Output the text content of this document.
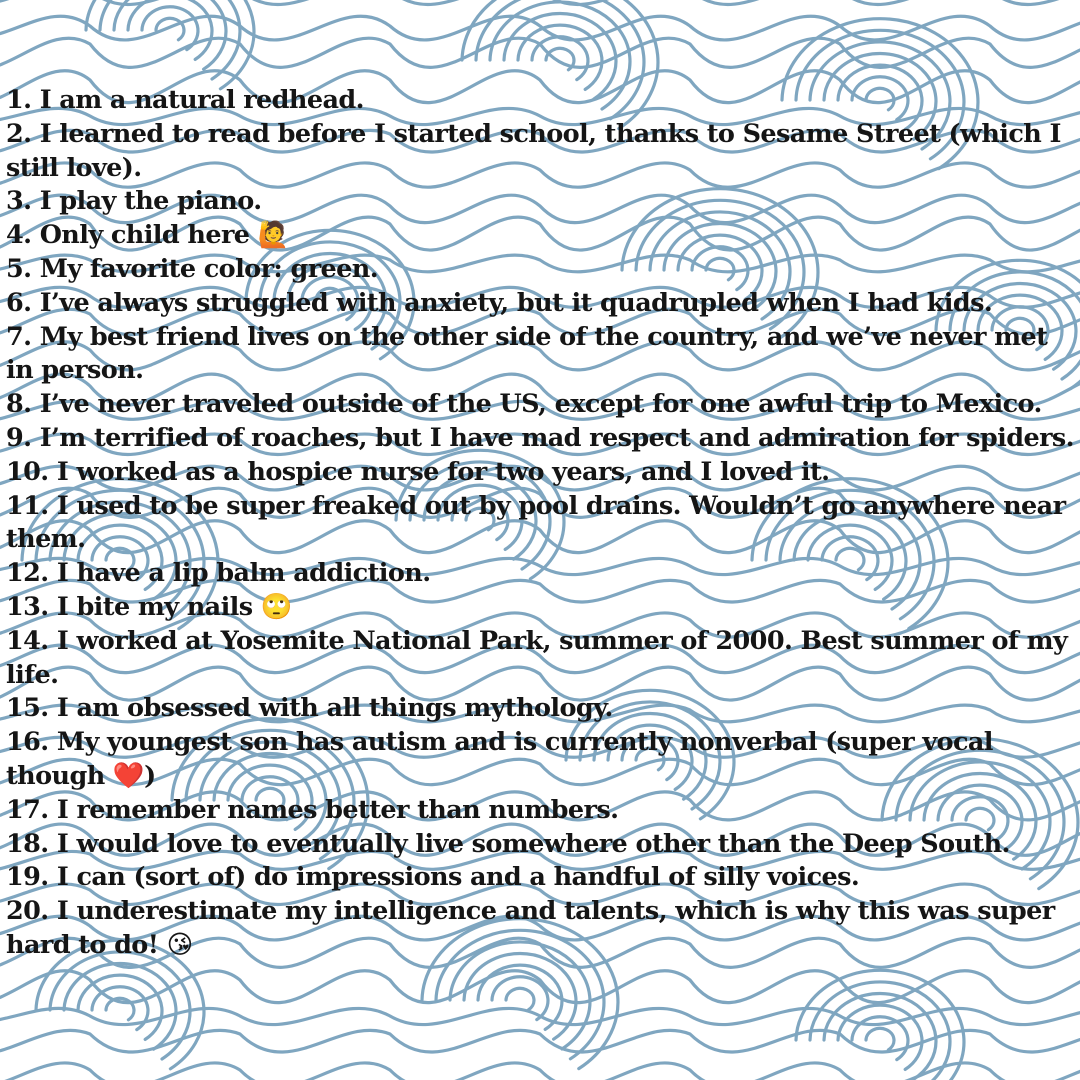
1. I am a natural redhead.
2. I learned to read before I started school, thanks to Sesame Street (which I still love).
3. I play the piano.
4. Only child here 🙋
5. My favorite color: green.
6. I’ve always struggled with anxiety, but it quadrupled when I had kids.
7. My best friend lives on the other side of the country, and we’ve never met in person.
8. I’ve never traveled outside of the US, except for one awful trip to Mexico.
9. I’m terrified of roaches, but I have mad respect and admiration for spiders.
10. I worked as a hospice nurse for two years, and I loved it.
11. I used to be super freaked out by pool drains. Wouldn’t go anywhere near them.
12. I have a lip balm addiction.
13. I bite my nails 🙄
14. I worked at Yosemite National Park, summer of 2000. Best summer of my life.
15. I am obsessed with all things mythology.
16. My youngest son has autism and is currently nonverbal (super vocal though ❤️)
17. I remember names better than numbers.
18. I would love to eventually live somewhere other than the Deep South.
19. I can (sort of) do impressions and a handful of silly voices.
20. I underestimate my intelligence and talents, which is why this was super hard to do! 😘
